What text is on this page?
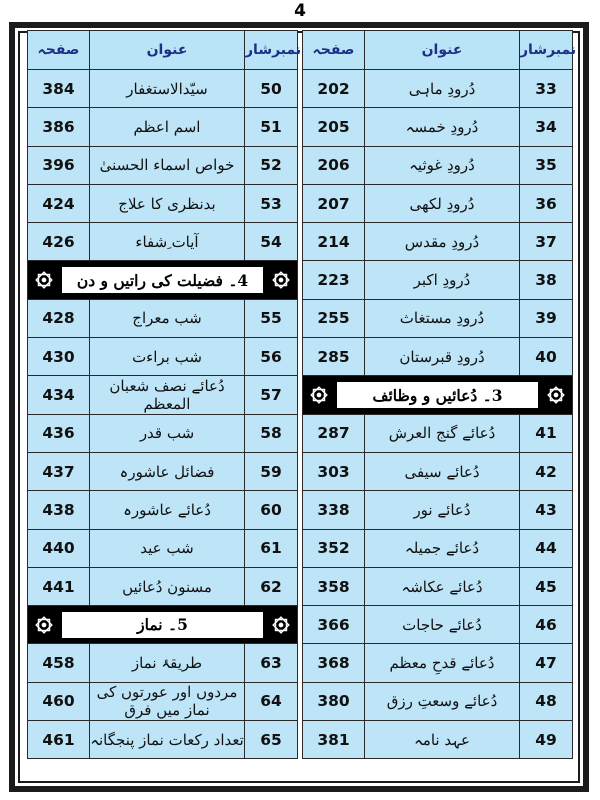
4
صفحہ	عنوان	نمبرشار
384	سیّدالاستغفار	50
386	اسم اعظم	51
396	خواص اسماء الحسنیٰ	52
424	بدنظری کا علاج	53
426	آیات ِشفاء	54

4۔ فضیلت کی راتیں و دن		

428	شب معراج	55
430	شب براءت	56
434	دُعائے نصف شعبان المعظم	57
436	شب قدر	58
437	فضائل عاشورہ	59
438	دُعائے عاشورہ	60
440	شب عید	61
441	مسنون دُعائیں	62

5۔ نماز		

458	طریقۂ نماز	63
460	مردوں اور عورتوں کی نماز میں فرق	64
461	تعداد رکعات نماز پنجگانہ	65
صفحہ	عنوان	نمبرشار
202	دُرودِ ماہی	33
205	دُرودِ خمسہ	34
206	دُرودِ غوثیہ	35
207	دُرودِ لکھی	36
214	دُرودِ مقدس	37
223	دُرودِ اکبر	38
255	دُرودِ مستغاث	39
285	دُرودِ قبرستان	40

3۔ دُعائیں و وظائف		

287	دُعائے گنج العرش	41
303	دُعائے سیفی	42
338	دُعائے نور	43
352	دُعائے جمیلہ	44
358	دُعائے عکاشہ	45
366	دُعائے حاجات	46
368	دُعائے قدحِ معظم	47
380	دُعائے وسعتِ رزق	48
381	عہد نامہ	49
